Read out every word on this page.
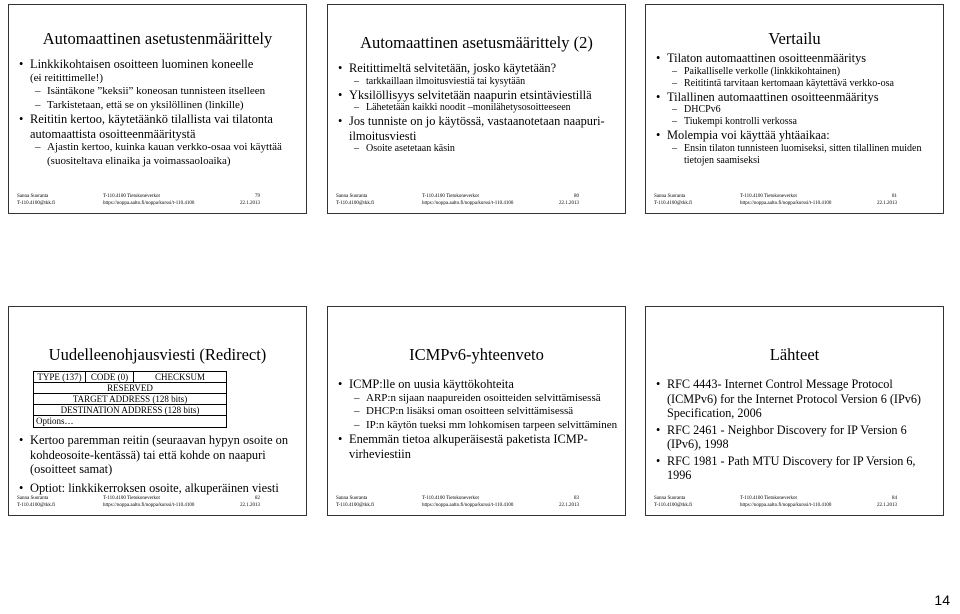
Automaattinen asetustenmäärittely
• Linkkikohtaisen osoitteen luominen koneelle
– (ei reitittimelle!)
– Isäntäkone ”keksii” koneosan tunnisteen itselleen
– Tarkistetaan, että se on yksilöllinen (linkille)
• Reititin kertoo, käytetäänkö tilallista vai tilatonta automaattista osoitteenmääritystä
– Ajastin kertoo, kuinka kauan verkko-osaa voi käyttää (suositeltava elinaika ja voimassaoloaika)
Sanna Suoranta
T-110.4100@tkk.fi
T-110.4100 Tietokoneverkot
https://noppa.aalto.fi/noppa/kurssi/t-110.4100
79
22.1.2013
Automaattinen asetusmäärittely (2)
• Reitittimeltä selvitetään, josko käytetään?
– tarkkaillaan ilmoitusviestiä tai kysytään
• Yksilöllisyys selvitetään naapurin etsintäviestillä
– Lähetetään kaikki noodit –monilähetysosoitteeseen
• Jos tunniste on jo käytössä, vastaanotetaan naapuri-ilmoitusviesti
– Osoite asetetaan käsin
Sanna Suoranta
T-110.4100@tkk.fi
T-110.4100 Tietokoneverkot
https://noppa.aalto.fi/noppa/kurssi/t-110.4100
80
22.1.2013
Vertailu
• Tilaton automaattinen osoitteenmääritys
– Paikalliselle verkolle (linkkikohtainen)
– Reititintä tarvitaan kertomaan käytettävä verkko-osa
• Tilallinen automaattinen osoitteenmääritys
– DHCPv6
– Tiukempi kontrolli verkossa
• Molempia voi käyttää yhtäaikaa:
– Ensin tilaton tunnisteen luomiseksi, sitten tilallinen muiden tietojen saamiseksi
Sanna Suoranta
T-110.4100@tkk.fi
T-110.4100 Tietokoneverkot
https://noppa.aalto.fi/noppa/kurssi/t-110.4100
81
22.1.2013
Uudelleenohjausviesti (Redirect)
TYPE (137)	CODE (0)	CHECKSUM
RESERVED
TARGET ADDRESS (128 bits)
DESTINATION ADDRESS (128 bits)
Options…
• Kertoo paremman reitin (seuraavan hypyn osoite on kohdeosoite-kentässä) tai että kohde on naapuri (osoitteet samat)
• Optiot: linkkikerroksen osoite, alkuperäinen viesti
Sanna Suoranta
T-110.4100@tkk.fi
T-110.4100 Tietokoneverkot
https://noppa.aalto.fi/noppa/kurssi/t-110.4100
82
22.1.2013
ICMPv6-yhteenveto
• ICMP:lle on uusia käyttökohteita
– ARP:n sijaan naapureiden osoitteiden selvittämisessä
– DHCP:n lisäksi oman osoitteen selvittämisessä
– IP:n käytön tueksi mm lohkomisen tarpeen selvittäminen
• Enemmän tietoa alkuperäisestä paketista ICMP-virheviestiin
Sanna Suoranta
T-110.4100@tkk.fi
T-110.4100 Tietokoneverkot
https://noppa.aalto.fi/noppa/kurssi/t-110.4100
83
22.1.2013
Lähteet
• RFC 4443- Internet Control Message Protocol (ICMPv6) for the Internet Protocol Version 6 (IPv6) Specification, 2006
• RFC 2461 - Neighbor Discovery for IP Version 6 (IPv6), 1998
• RFC 1981 - Path MTU Discovery for IP Version 6, 1996
Sanna Suoranta
T-110.4100@tkk.fi
T-110.4100 Tietokoneverkot
https://noppa.aalto.fi/noppa/kurssi/t-110.4100
84
22.1.2013
14
